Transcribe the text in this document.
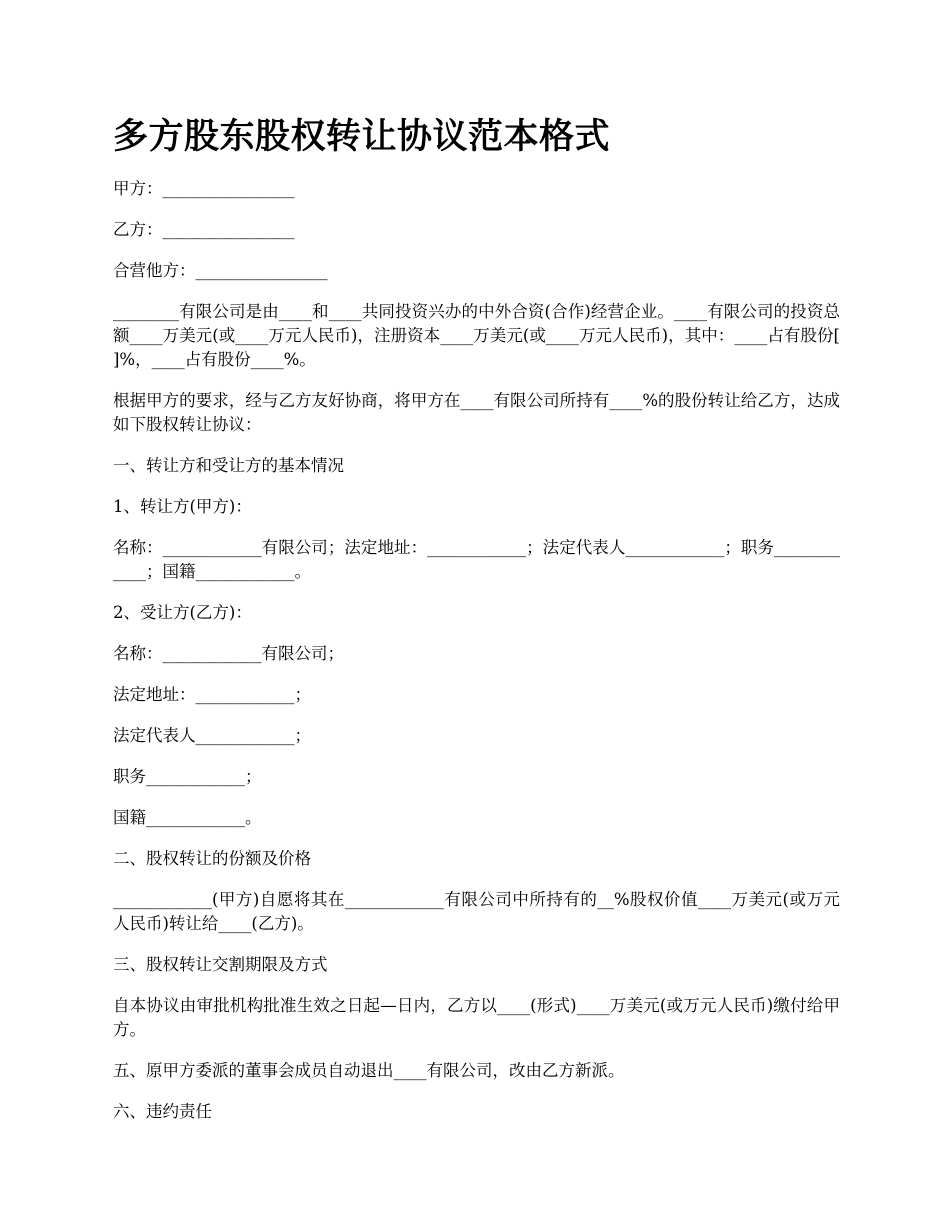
多方股东股权转让协议范本格式

甲方：________________

乙方：________________

合营他方：________________

________有限公司是由____和____共同投资兴办的中外合资(合作)经营企业。____有限公司的投资总额____万美元(或____万元人民币)，注册资本____万美元(或____万元人民币)，其中：____占有股份[ ]%，____占有股份____%。

根据甲方的要求，经与乙方友好协商，将甲方在____有限公司所持有____%的股份转让给乙方，达成如下股权转让协议：

一、转让方和受让方的基本情况

1、转让方(甲方)：

名称：____________有限公司；法定地址：____________；法定代表人____________；职务____________；国籍____________。

2、受让方(乙方)：

名称：____________有限公司；

法定地址：____________；

法定代表人____________；

职务____________；

国籍____________。

二、股权转让的份额及价格

____________(甲方)自愿将其在____________有限公司中所持有的__%股权价值____万美元(或万元人民币)转让给____(乙方)。

三、股权转让交割期限及方式

自本协议由审批机构批准生效之日起—日内，乙方以____(形式)____万美元(或万元人民币)缴付给甲方。

五、原甲方委派的董事会成员自动退出____有限公司，改由乙方新派。

六、违约责任
